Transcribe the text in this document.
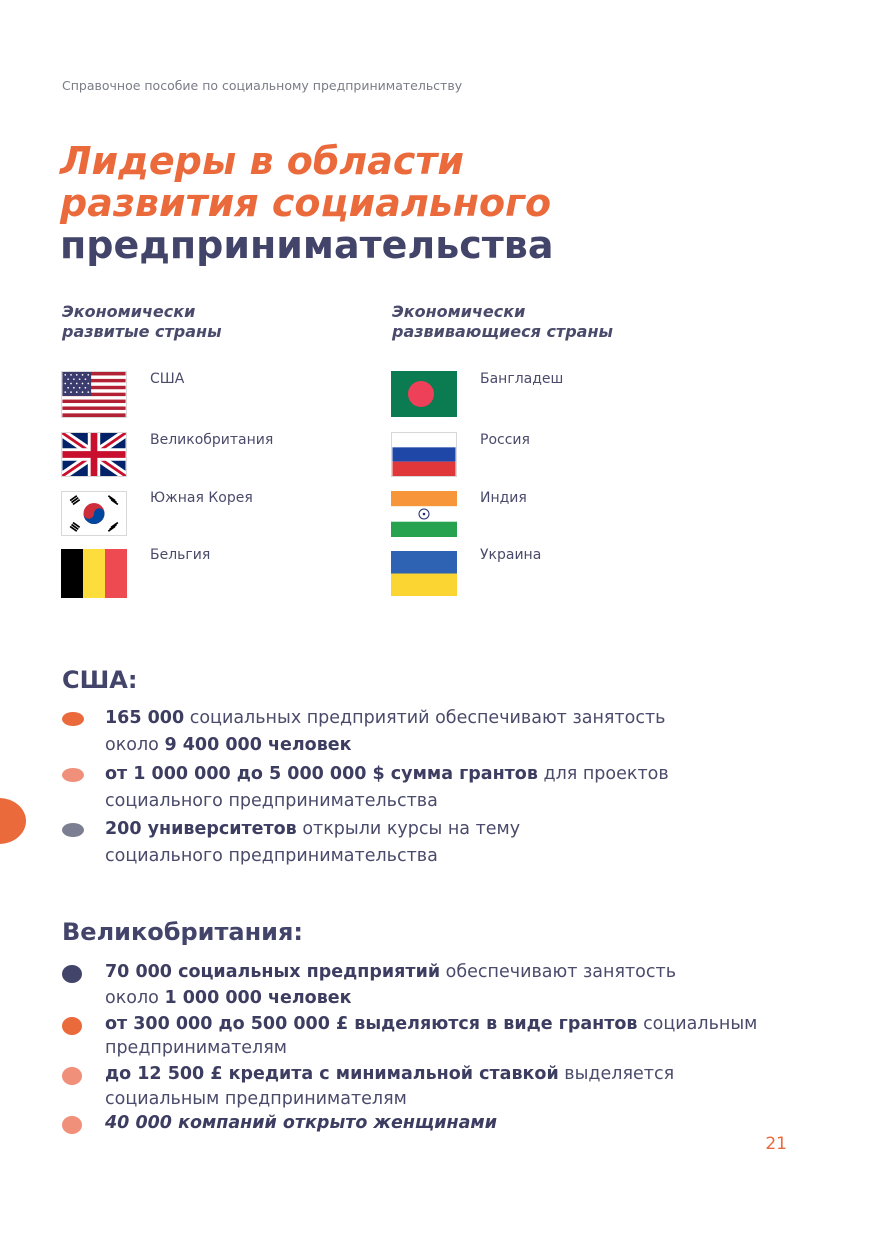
Справочное пособие по социальному предпринимательству
Лидеры в области
развития социального
предпринимательства
Экономически
развитые страны
Экономически
развивающиеся страны
США
Великобритания
Южная Корея
Бельгия
Бангладеш
Россия
Индия
Украина
США:
165 000 социальных предприятий обеспечивают занятость
около 9 400 000 человек
от 1 000 000 до 5 000 000 $ сумма грантов для проектов
социального предпринимательства
200 университетов открыли курсы на тему
социального предпринимательства
Великобритания:
70 000 социальных предприятий обеспечивают занятость
около 1 000 000 человек
от 300 000 до 500 000 £ выделяются в виде грантов социальным
предпринимателям
до 12 500 £ кредита с минимальной ставкой выделяется
социальным предпринимателям
40 000 компаний открыто женщинами
21
